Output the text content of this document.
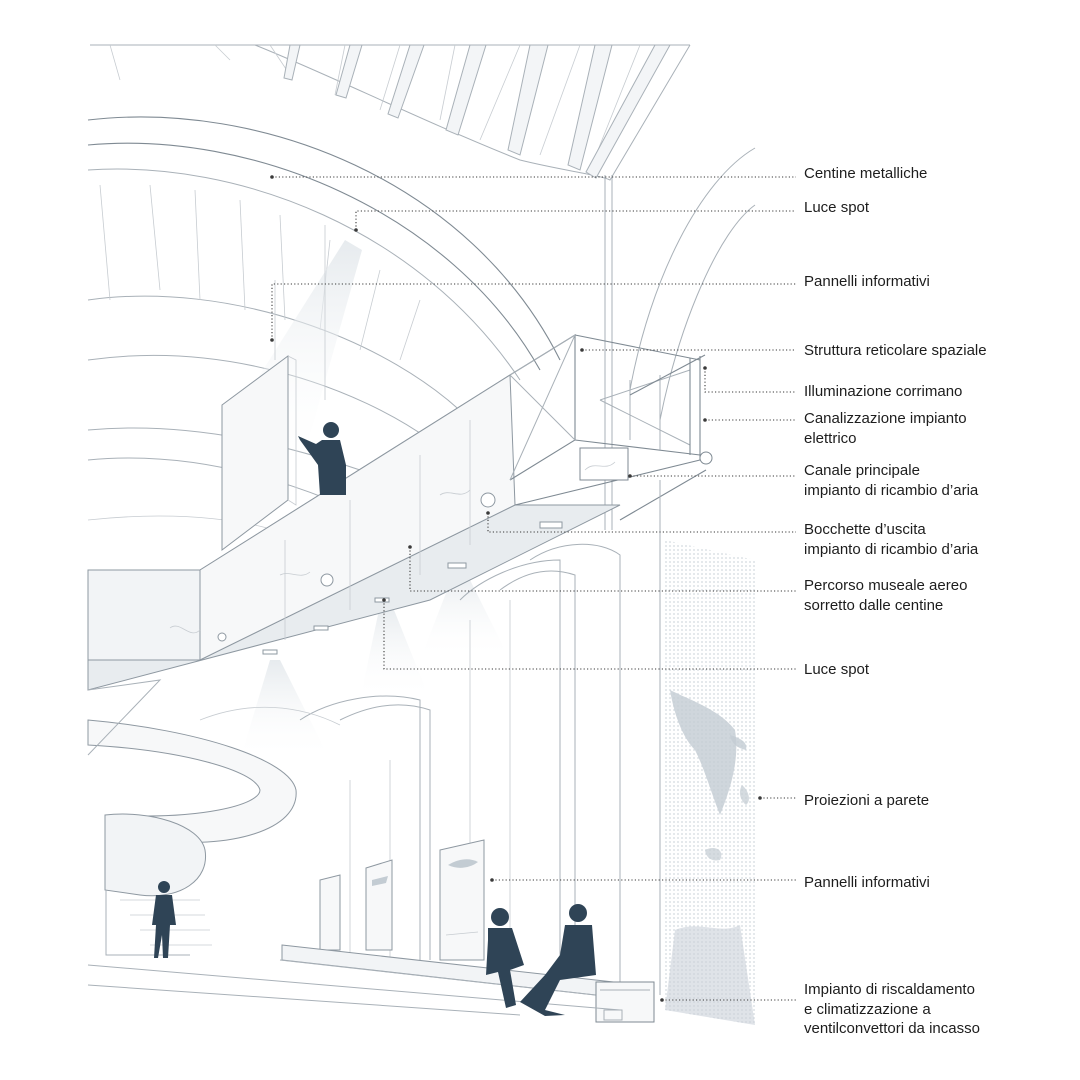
Centine metalliche
Luce spot
Pannelli informativi
Struttura reticolare spaziale
Illuminazione corrimano
Canalizzazione impianto
elettrico
Canale principale
impianto di ricambio d’aria
Bocchette d’uscita
impianto di ricambio d’aria
Percorso museale aereo
sorretto dalle centine
Luce spot
Proiezioni a parete
Pannelli informativi
Impianto di riscaldamento
e climatizzazione a
ventilconvettori da incasso
